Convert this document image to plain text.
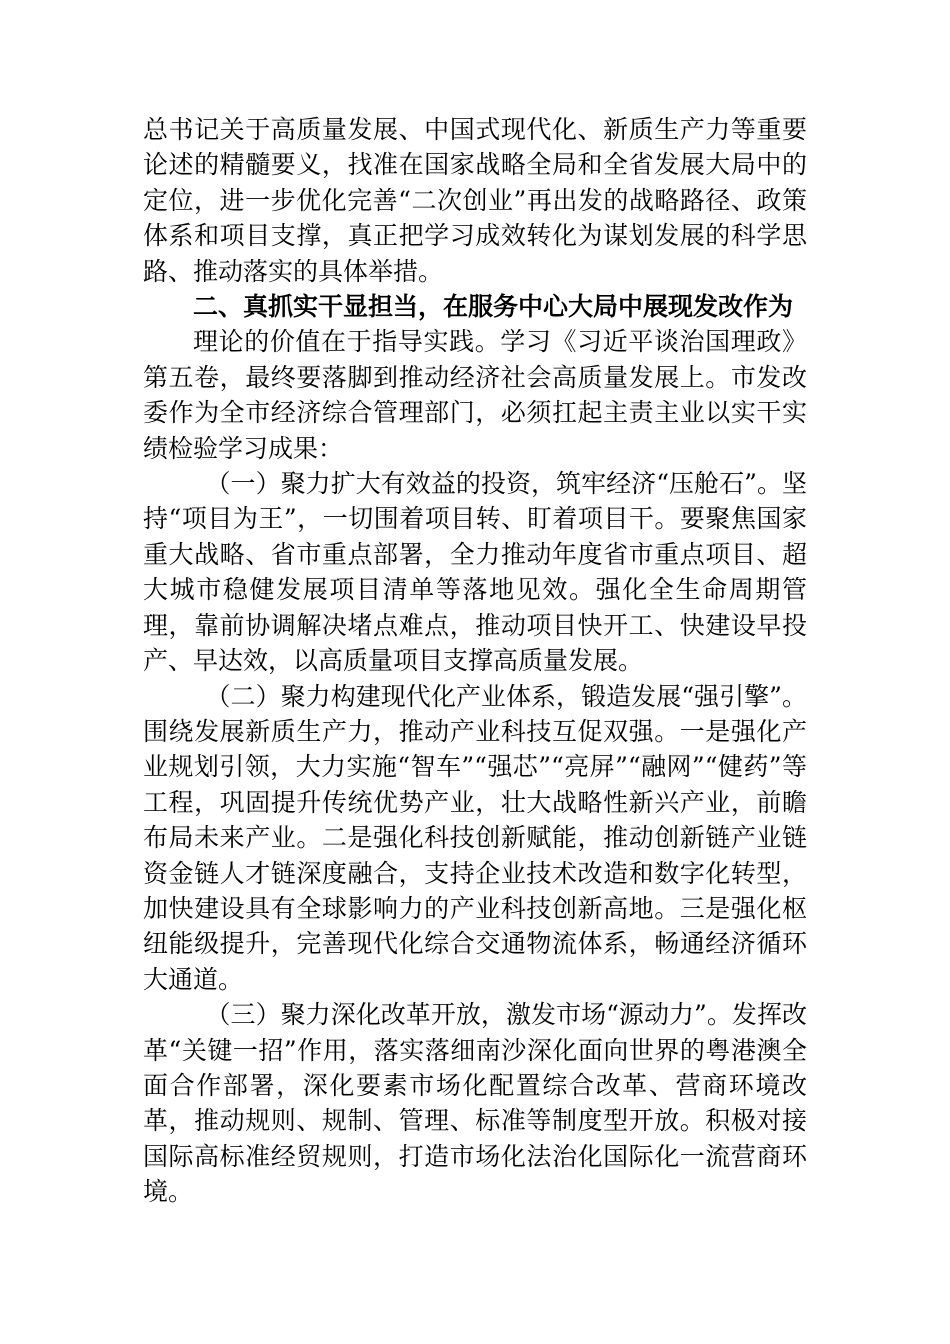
总书记关于高质量发展、中国式现代化、新质生产力等重要论述的精髓要义，找准在国家战略全局和全省发展大局中的定位，进一步优化完善“二次创业”再出发的战略路径、政策体系和项目支撑，真正把学习成效转化为谋划发展的科学思路、推动落实的具体举措。

二、真抓实干显担当，在服务中心大局中展现发改作为

理论的价值在于指导实践。学习《习近平谈治国理政》第五卷，最终要落脚到推动经济社会高质量发展上。市发改委作为全市经济综合管理部门，必须扛起主责主业以实干实绩检验学习成果：

（一）聚力扩大有效益的投资，筑牢经济“压舱石”。坚持“项目为王”，一切围着项目转、盯着项目干。要聚焦国家重大战略、省市重点部署，全力推动年度省市重点项目、超大城市稳健发展项目清单等落地见效。强化全生命周期管理，靠前协调解决堵点难点，推动项目快开工、快建设早投产、早达效，以高质量项目支撑高质量发展。

（二）聚力构建现代化产业体系，锻造发展“强引擎”。围绕发展新质生产力，推动产业科技互促双强。一是强化产业规划引领，大力实施“智车”“强芯”“亮屏”“融网”“健药”等工程，巩固提升传统优势产业，壮大战略性新兴产业，前瞻布局未来产业。二是强化科技创新赋能，推动创新链产业链资金链人才链深度融合，支持企业技术改造和数字化转型，加快建设具有全球影响力的产业科技创新高地。三是强化枢纽能级提升，完善现代化综合交通物流体系，畅通经济循环大通道。

（三）聚力深化改革开放，激发市场“源动力”。发挥改革“关键一招”作用，落实落细南沙深化面向世界的粤港澳全面合作部署，深化要素市场化配置综合改革、营商环境改革，推动规则、规制、管理、标准等制度型开放。积极对接国际高标准经贸规则，打造市场化法治化国际化一流营商环境。
